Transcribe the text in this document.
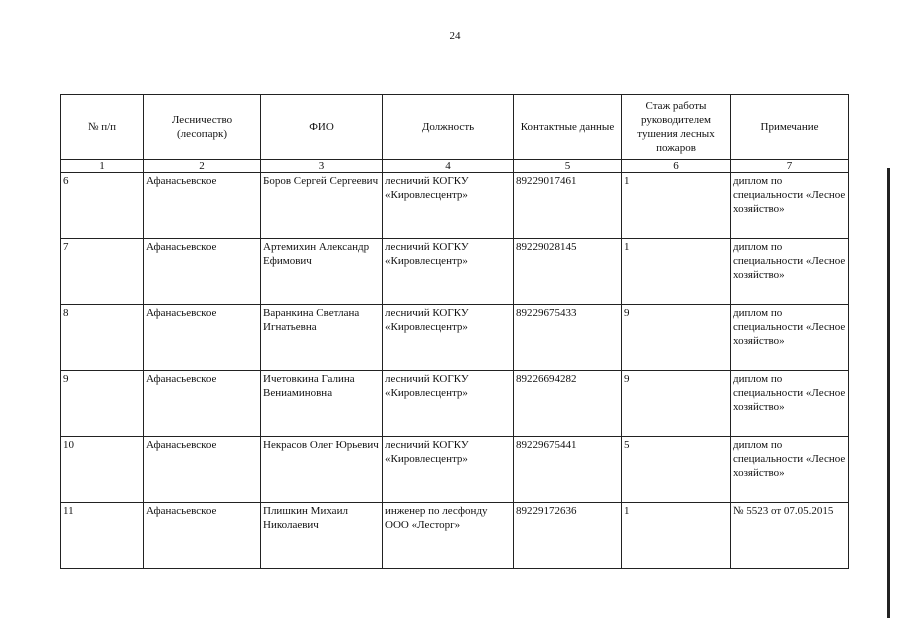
24
№ п/п	Лесничество (лесопарк)	ФИО	Должность	Контактные данные	Стаж работы руководителем тушения лесных пожаров	Примечание
1	2	3	4	5	6	7
6	Афанасьевское	Боров Сергей Сергеевич	лесничий КОГКУ «Кировлесцентр»	89229017461	1	диплом по специальности «Лесное хозяйство»
7	Афанасьевское	Артемихин Александр Ефимович	лесничий КОГКУ «Кировлесцентр»	89229028145	1	диплом по специальности «Лесное хозяйство»
8	Афанасьевское	Варанкина Светлана Игнатьевна	лесничий КОГКУ «Кировлесцентр»	89229675433	9	диплом по специальности «Лесное хозяйство»
9	Афанасьевское	Ичетовкина Галина Вениаминовна	лесничий КОГКУ «Кировлесцентр»	89226694282	9	диплом по специальности «Лесное хозяйство»
10	Афанасьевское	Некрасов Олег Юрьевич	лесничий КОГКУ «Кировлесцентр»	89229675441	5	диплом по специальности «Лесное хозяйство»
11	Афанасьевское	Плишкин Михаил Николаевич	инженер по лесфонду ООО «Лесторг»	89229172636	1	№ 5523 от 07.05.2015
